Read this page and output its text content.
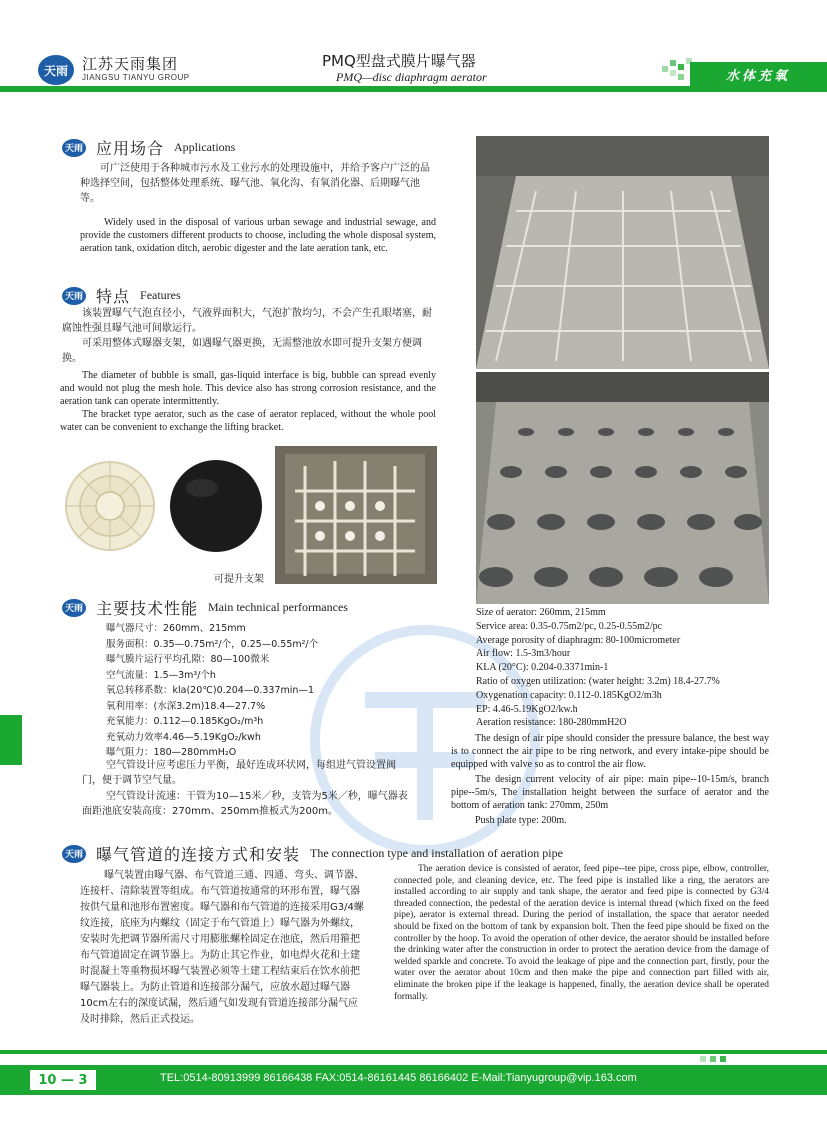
天雨 江苏天雨集团
JIANGSU TIANYU GROUP
PMQ型盘式膜片曝气器
PMQ—disc diaphragm aerator	水体充氧
天雨 应用场合 Applications
可广泛使用于各种城市污水及工业污水的处理设施中，并给予客户广泛的品种选择空间，包括整体处理系统、曝气池、氧化沟、有氧消化器、后期曝气池等。
Widely used in the disposal of various urban sewage and industrial sewage, and provide the customers different products to choose, including the whole disposal system, aeration tank, oxidation ditch, aerobic digester and the late aeration tank, etc.
天雨 特点 Features
该装置曝气气泡直径小，气液界面积大，气泡扩散均匀，不会产生孔眼堵塞，耐腐蚀性强且曝气池可间歇运行。
可采用整体式曝器支架，如遇曝气器更换，无需整池放水即可提升支架方便调换。
The diameter of bubble is small, gas-liquid interface is big, bubble can spread evenly and would not plug the mesh hole. This device also has strong corrosion resistance, and the aeration tank can operate intermittently.
The bracket type aerator, such as the case of aerator replaced, without the whole pool water can be convenient to exchange the lifting bracket.
可提升支架
天雨 主要技术性能 Main technical performances
曝气器尺寸：260mm、215mm
服务面积：0.35—0.75m²/个，0.25—0.55m²/个
曝气膜片运行平均孔隙：80—100微米
空气流量：1.5—3m³/个h
氧总转移系数：kla(20℃)0.204—0.337min—1
氧利用率：(水深3.2m)18.4—27.7%
充氧能力：0.112—0.185KgO₂/m³h
充氧动力效率4.46—5.19KgO₂/kwh
曝气阻力：180—280mmH₂O
空气管设计应考虑压力平衡，最好连成环状网，每组进气管设置阀门，便于调节空气量。
空气管设计流速：干管为10—15米／秒，支管为5米／秒，曝气器表面距池底安装高度：270mm、250mm推板式为200m。
Size of aerator: 260mm, 215mm
Service area: 0.35-0.75m2/pc, 0.25-0.55m2/pc
Average porosity of diaphragm: 80-100micrometer
Air flow: 1.5-3m3/hour
KLA (20°C): 0.204-0.3371min-1
Ratio of oxygen utilization: (water height: 3.2m) 18.4-27.7%
Oxygenation capacity: 0.112-0.185KgO2/m3h
EP: 4.46-5.19KgO2/kw.h
Aeration resistance: 180-280mmH2O
The design of air pipe should consider the pressure balance, the best way is to connect the air pipe to be ring network, and every intake-pipe should be equipped with valve so as to control the air flow.
The design current velocity of air pipe: main pipe--10-15m/s, branch pipe--5m/s, The installation height between the surface of aerator and the bottom of aeration tank: 270mm, 250m
Push plate type: 200m.
天雨 曝气管道的连接方式和安装 The connection type and installation of aeration pipe
曝气装置由曝气器、布气管道三通、四通、弯头、调节器、连接杆、清除装置等组成。布气管道按通常的环形布置，曝气器按供气量和池形布置密度。曝气器和布气管道的连接采用G3/4螺纹连接，底座为内螺纹（固定于布气管道上）曝气器为外螺纹，安装时先把调节器所需尺寸用膨胀螺栓固定在池底，然后用箍把布气管道固定在调节器上。为防止其它作业，如电焊火花和土建时混凝土等重物损坏曝气装置必须等土建工程结束后在饮水前把曝气器装上。为防止管道和连接部分漏气，应放水超过曝气器10cm左右的深度试漏，然后通气如发现有管道连接部分漏气应及时排除，然后正式投运。
The aeration device is consisted of aerator, feed pipe--tee pipe, cross pipe, elbow, controller, connected pole, and cleaning device, etc. The feed pipe is installed like a ring, the aerators are installed according to air supply and tank shape, the aerator and feed pipe is connected by G3/4 threaded connection, the pedestal of the aeration device is internal thread (which fixed on the feed pipe), aerator is external thread. During the period of installation, the space that aerator needed should be fixed on the bottom of tank by expansion bolt. Then the feed pipe should be fixed on the controller by the hoop. To avoid the operation of other device, the aerator should be installed before the drinking water after the construction in order to protect the aeration device from the damage of welded sparkle and concrete. To avoid the leakage of pipe and the connection part, firstly, pour the water over the aerator about 10cm and then make the pipe and connection part filled with air, eliminate the broken pipe if the leakage is happened, finally, the aeration device shall be operated formally.
10 — 3	TEL:0514-80913999 86166438 FAX:0514-86161445 86166402 E-Mail:Tianyugroup@vip.163.com
